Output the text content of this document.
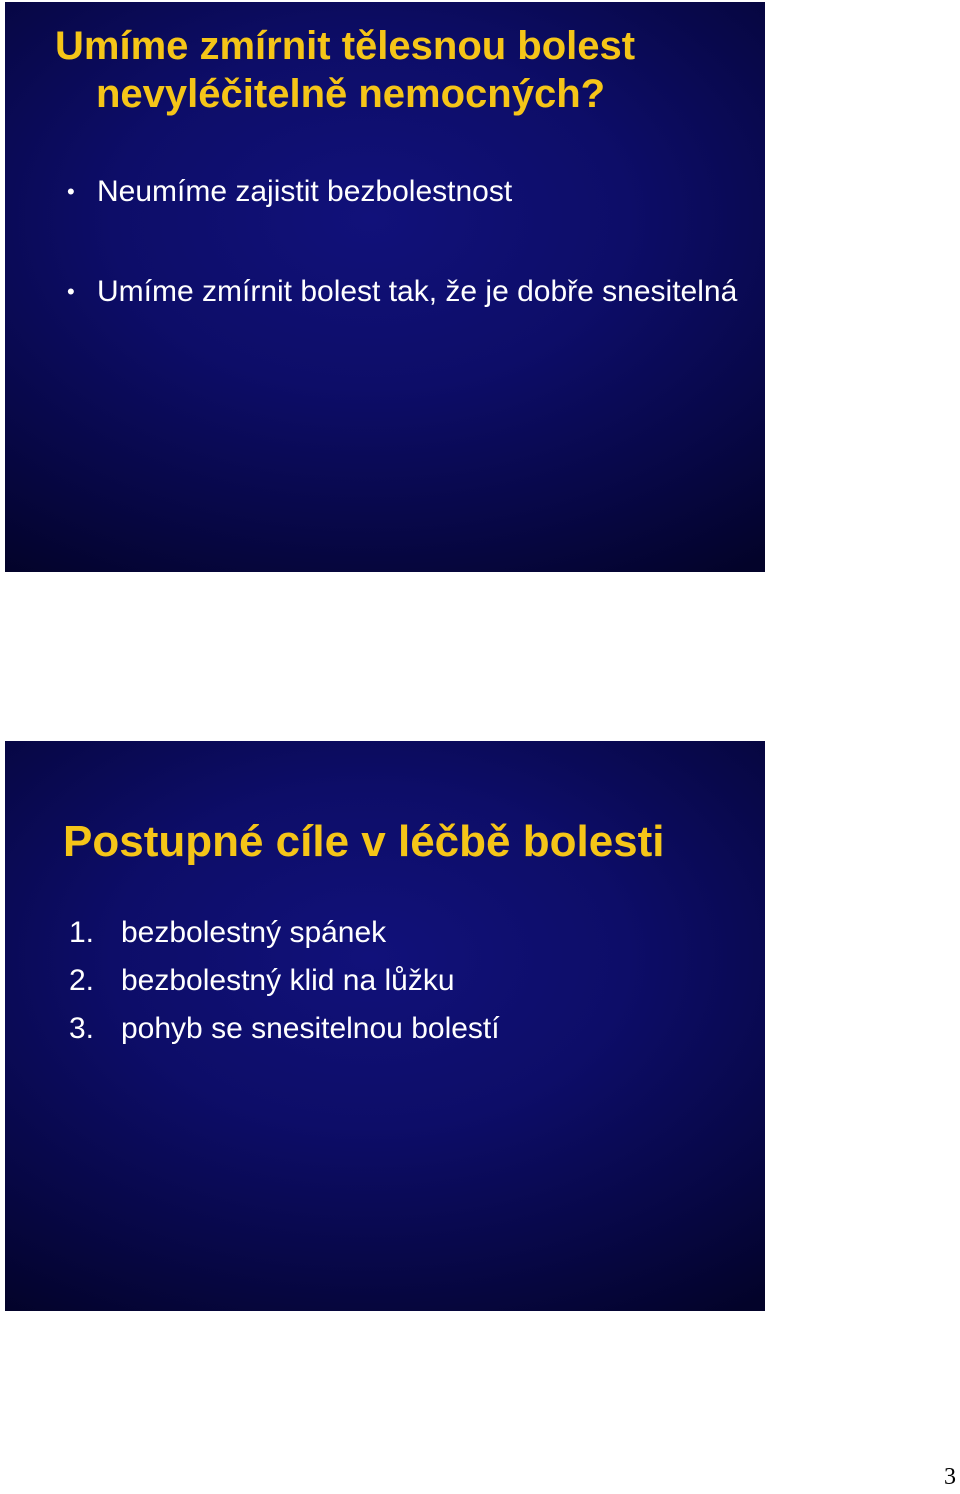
Umíme zmírnit tělesnou bolest
nevyléčitelně nemocných?
• Neumíme zajistit bezbolestnost
• Umíme zmírnit bolest tak, že je dobře snesitelná
Postupné cíle v léčbě bolesti
1. bezbolestný spánek
2. bezbolestný klid na lůžku
3. pohyb se snesitelnou bolestí
3
